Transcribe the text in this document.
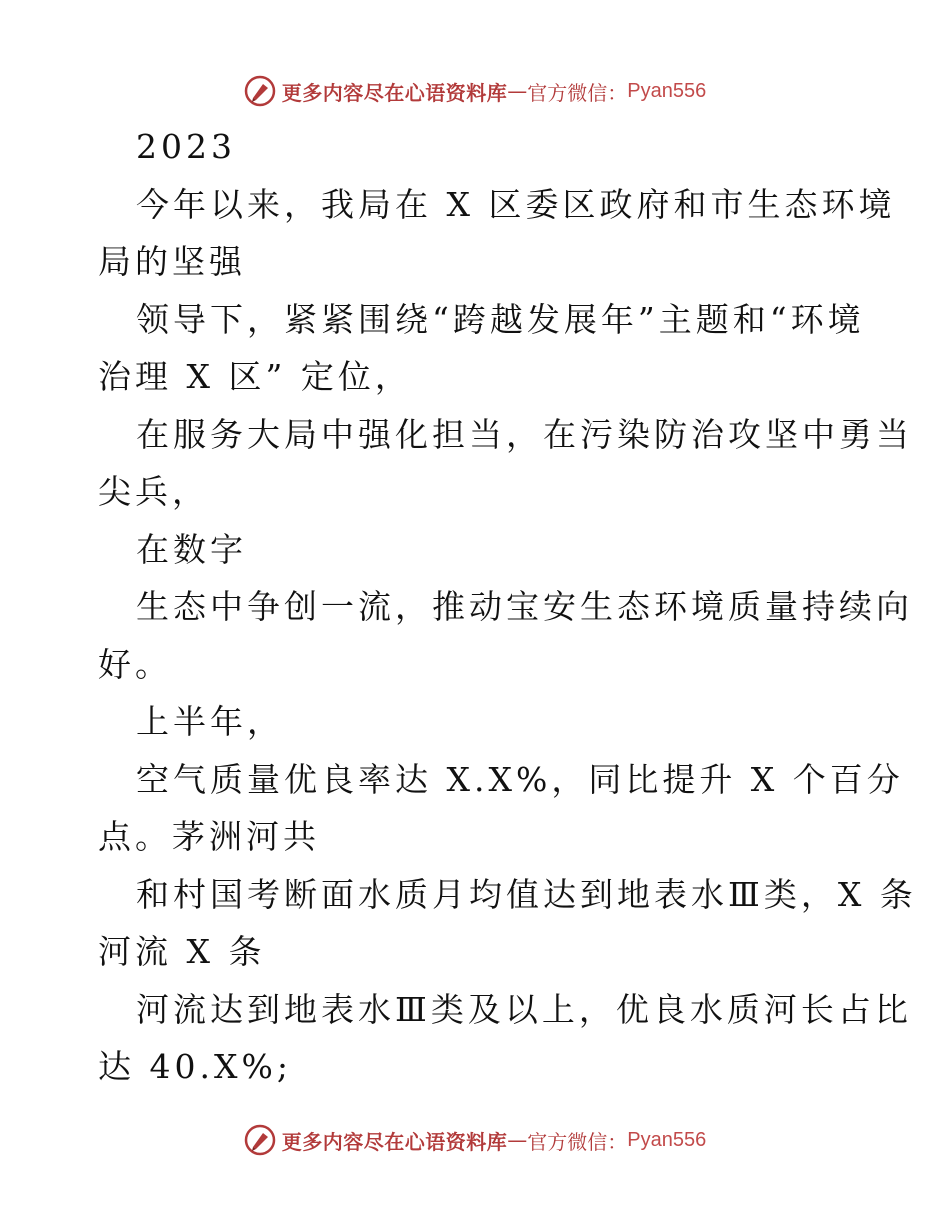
更多内容尽在心语资料库 — 官方微信： Pyan556
2023
今年以来，我局在 X 区委区政府和市生态环境
局的坚强
领导下，紧紧围绕“跨越发展年”主题和“环境
治理 X 区” 定位，
在服务大局中强化担当，在污染防治攻坚中勇当
尖兵，
在数字
生态中争创一流，推动宝安生态环境质量持续向
好。
上半年，
空气质量优良率达 X.X%，同比提升 X 个百分
点。茅洲河共
和村国考断面水质月均值达到地表水Ⅲ类，X 条
河流 X 条
河流达到地表水Ⅲ类及以上，优良水质河长占比
达 40.X%;
更多内容尽在心语资料库 — 官方微信： Pyan556
